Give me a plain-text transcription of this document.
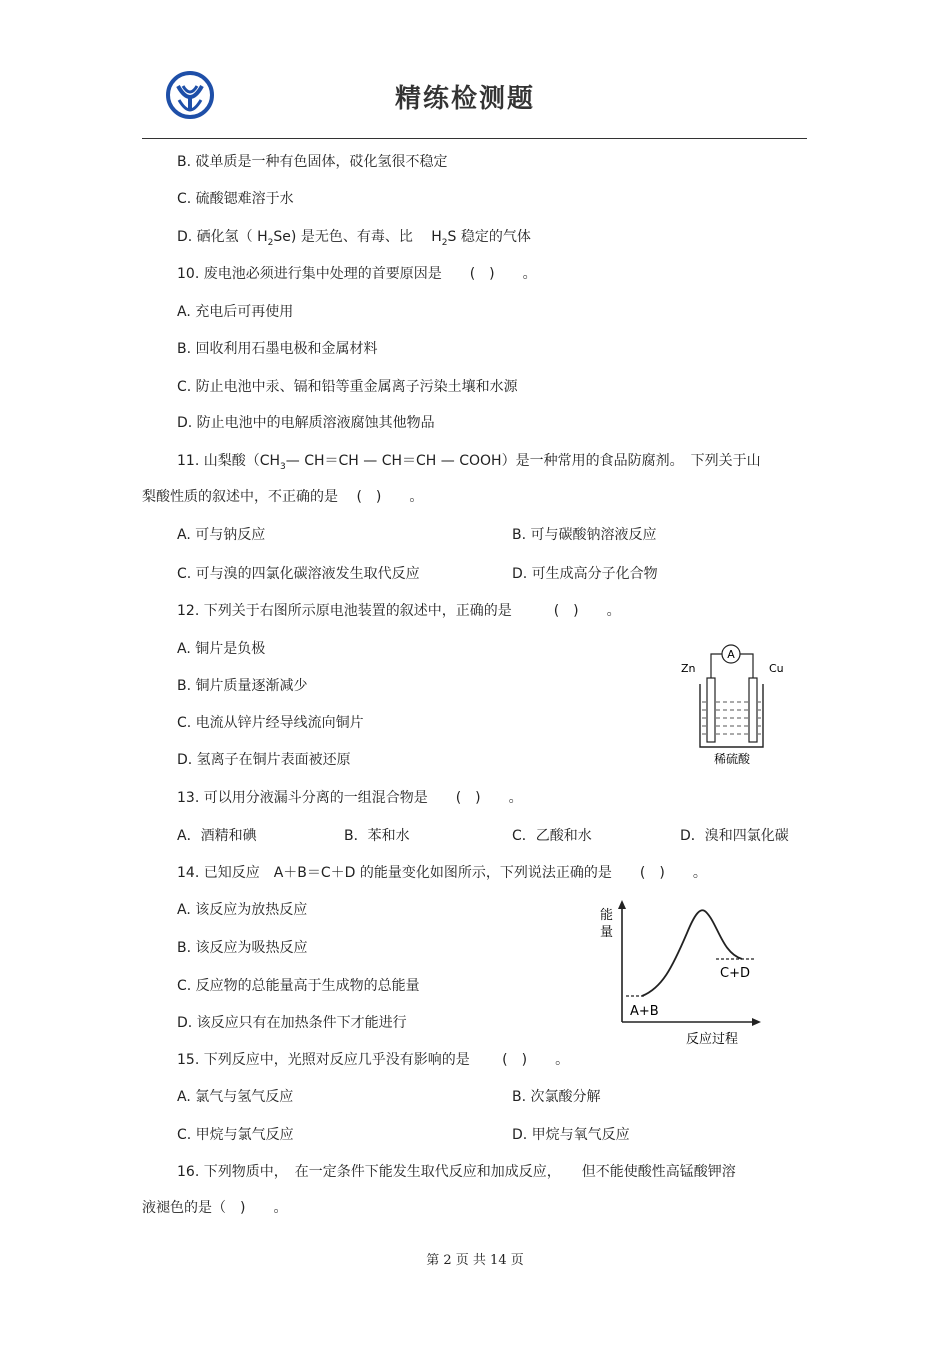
精练检测题
B. 砹单质是一种有色固体，砹化氢很不稳定
C. 硫酸锶难溶于水
D. 硒化氢（ $H_2Se$) 是无色、有毒、比　 $H_2S$ 稳定的气体
10. 废电池必须进行集中处理的首要原因是　　(　)　　。
A. 充电后可再使用
B. 回收利用石墨电极和金属材料
C. 防止电池中汞、镉和铅等重金属离子污染土壤和水源
D. 防止电池中的电解质溶液腐蚀其他物品
11. 山梨酸（$CH_3—$ CH＝CH — CH＝CH — COOH）是一种常用的食品防腐剂。　下列关于山
梨酸性质的叙述中，不正确的是　 (　)　　。
A. 可与钠反应	B. 可与碳酸钠溶液反应
C. 可与溴的四氯化碳溶液发生取代反应	D. 可生成高分子化合物
12. 下列关于右图所示原电池装置的叙述中，正确的是　　　(　)　　。
A. 铜片是负极
B. 铜片质量逐渐减少
C. 电流从锌片经导线流向铜片
D. 氢离子在铜片表面被还原
A
Zn	Cu
稀硫酸
13. 可以用分液漏斗分离的一组混合物是　　(　)　　。
A．酒精和碘	B．苯和水	C．乙酸和水	D．溴和四氯化碳
14. 已知反应　A＋B＝C＋D 的能量变化如图所示，下列说法正确的是　　(　)　　。
A. 该反应为放热反应
B. 该反应为吸热反应
C. 反应物的总能量高于生成物的总能量
D. 该反应只有在加热条件下才能进行
能
量
A+B
C+D
反应过程
15. 下列反应中，光照对反应几乎没有影响的是　　 (　)　　。
A. 氯气与氢气反应	B. 次氯酸分解
C. 甲烷与氯气反应	D. 甲烷与氧气反应
16. 下列物质中，　在一定条件下能发生取代反应和加成反应，　　但不能使酸性高锰酸钾溶
液褪色的是（　)　　。
第 2 页 共 14 页
